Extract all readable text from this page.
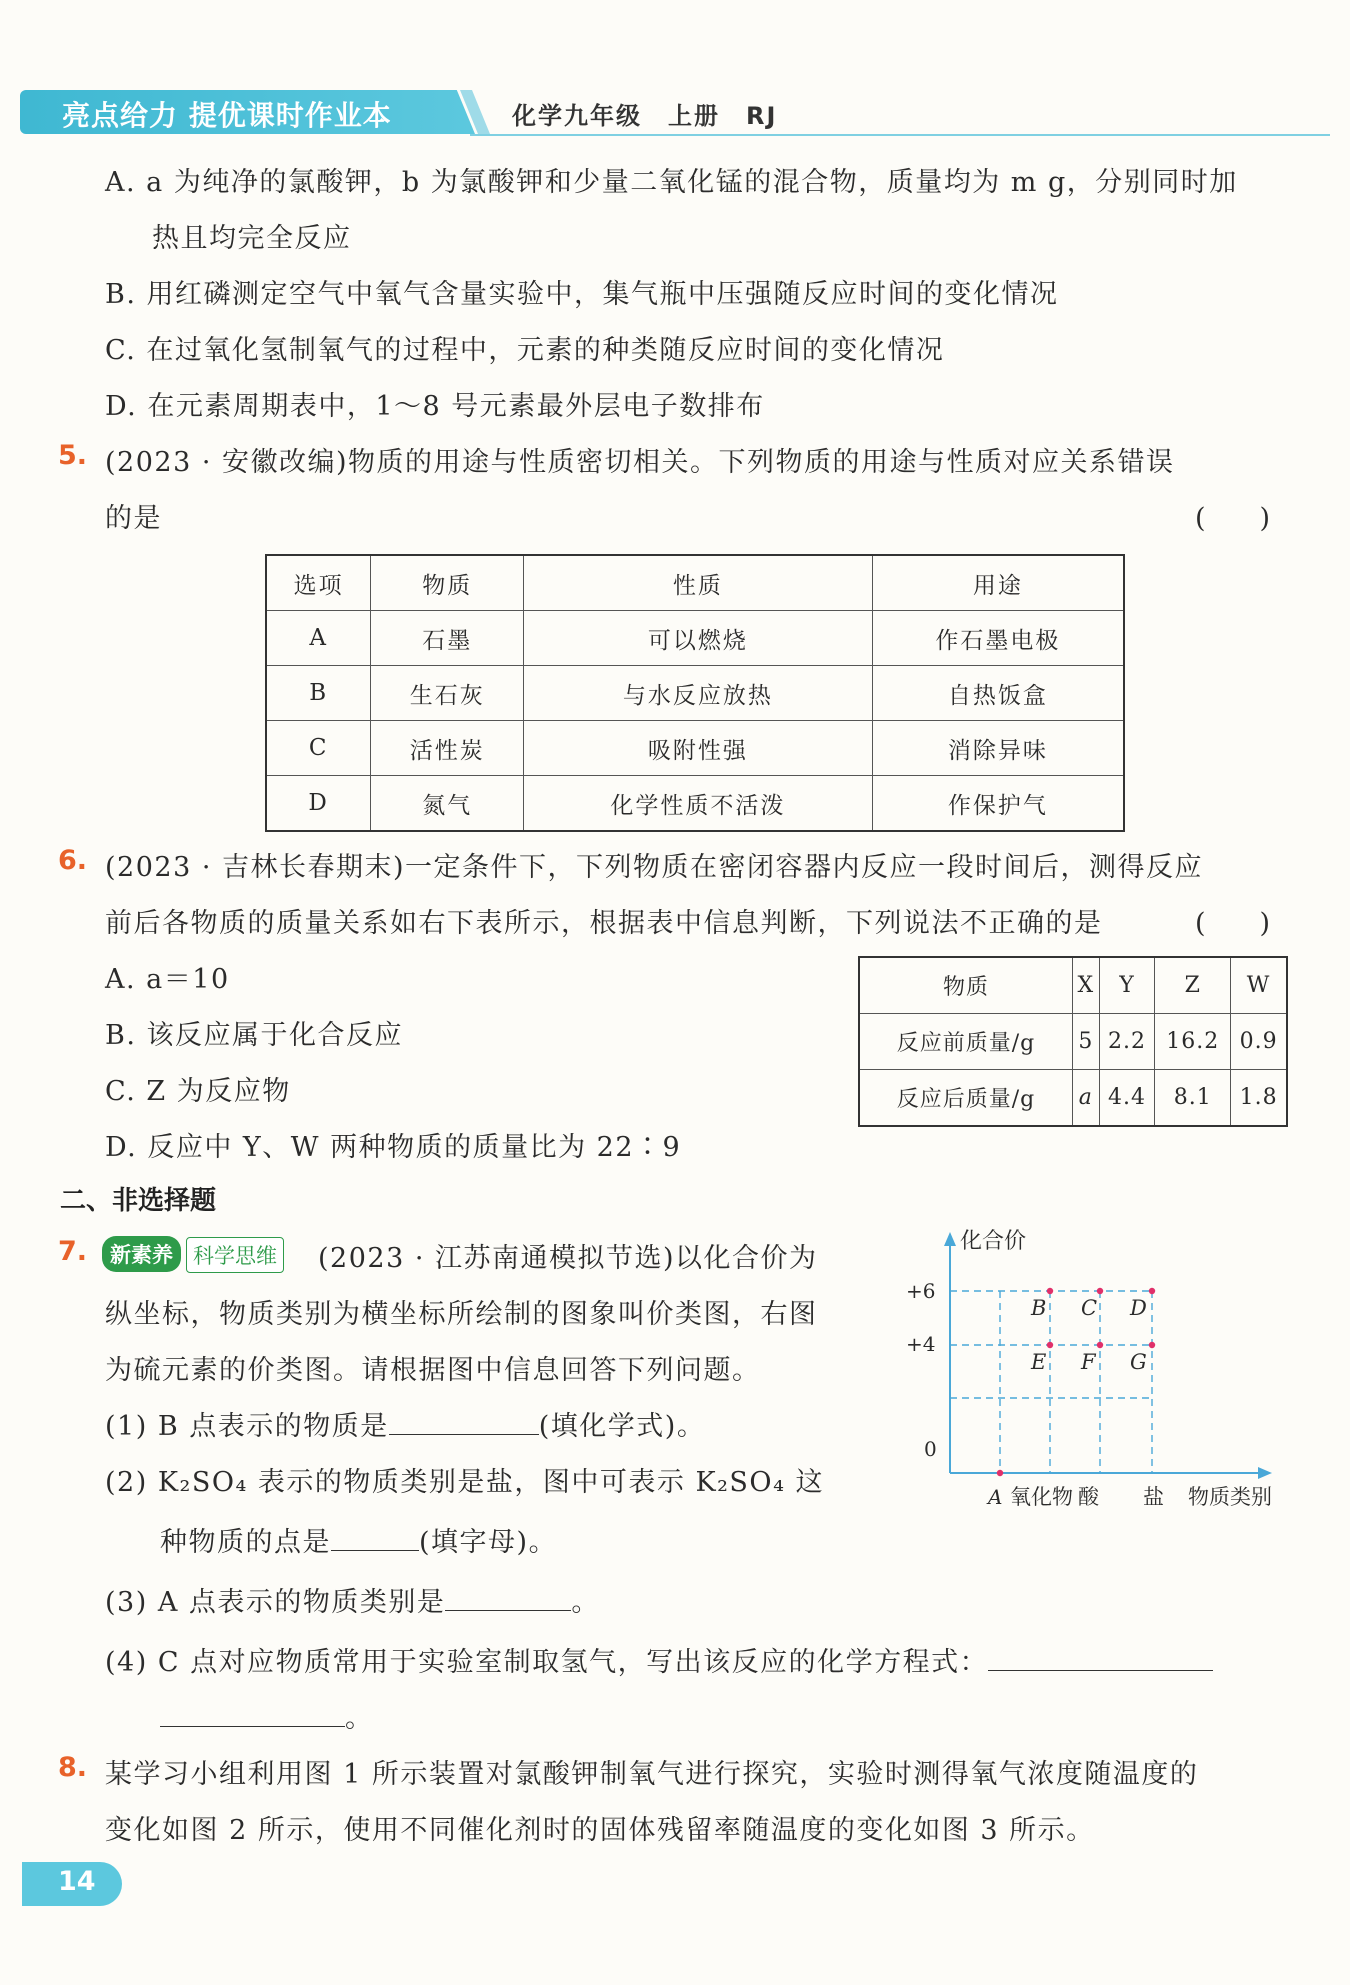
亮点给力 提优课时作业本	化学九年级　上册　RJ
A. a 为纯净的氯酸钾，b 为氯酸钾和少量二氧化锰的混合物，质量均为 m g，分别同时加
热且均完全反应
B. 用红磷测定空气中氧气含量实验中，集气瓶中压强随反应时间的变化情况
C. 在过氧化氢制氧气的过程中，元素的种类随反应时间的变化情况
D. 在元素周期表中，1～8 号元素最外层电子数排布
5. (2023 · 安徽改编)物质的用途与性质密切相关。下列物质的用途与性质对应关系错误
的是	(　　)
选项	物质	性质	用途
A	石墨	可以燃烧	作石墨电极
B	生石灰	与水反应放热	自热饭盒
C	活性炭	吸附性强	消除异味
D	氮气	化学性质不活泼	作保护气
6. (2023 · 吉林长春期末)一定条件下，下列物质在密闭容器内反应一段时间后，测得反应
前后各物质的质量关系如右下表所示，根据表中信息判断，下列说法不正确的是	(　　)
A. a＝10
B. 该反应属于化合反应
C. Z 为反应物
D. 反应中 Y、W 两种物质的质量比为 22∶9
物质	X	Y	Z	W
反应前质量/g	5	2.2	16.2	0.9
反应后质量/g	a	4.4	8.1	1.8
二、非选择题
7.	新素养 科学思维 (2023 · 江苏南通模拟节选)以化合价为
纵坐标，物质类别为横坐标所绘制的图象叫价类图，右图
为硫元素的价类图。请根据图中信息回答下列问题。
(1) B 点表示的物质是	(填化学式)。
(2) K₂SO₄ 表示的物质类别是盐，图中可表示 K₂SO₄ 这
种物质的点是	(填字母)。
(3) A 点表示的物质类别是	。
(4) C 点对应物质常用于实验室制取氢气，写出该反应的化学方程式：
。
化合价
+6
+4
0
B C D
E F G
A 氧化物 酸 盐 物质类别
8. 某学习小组利用图 1 所示装置对氯酸钾制氧气进行探究，实验时测得氧气浓度随温度的
变化如图 2 所示，使用不同催化剂时的固体残留率随温度的变化如图 3 所示。
14
